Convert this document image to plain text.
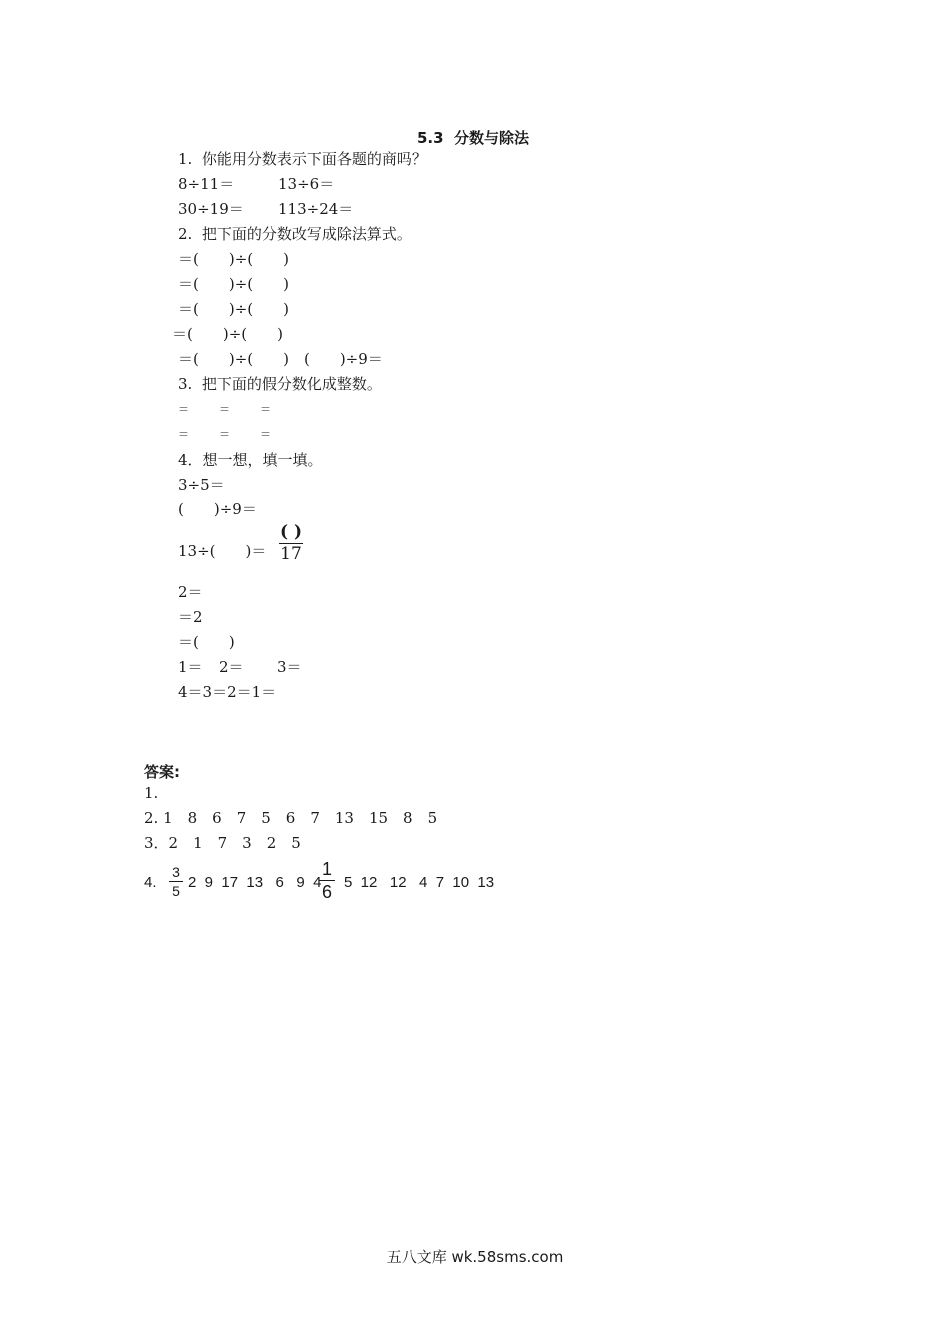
5.3  分数与除法
1.  你能用分数表示下面各题的商吗？
8÷11＝	13÷6＝
30÷19＝ 113÷24＝
2.  把下面的分数改写成除法算式。
＝(　　)÷(　　)
＝(　　)÷(　　)
＝(　　)÷(　　)
＝(　　)÷(　　)
＝(　　)÷(　　)　(　　)÷9＝
3.  把下面的假分数化成整数。
＝	＝	＝
＝	＝	＝
4．想一想，填一填。
3÷5＝
(　　)÷9＝
13÷(　　)＝
( )
17
2＝
＝2
＝(　　)
1＝ 2＝ 3＝
4＝3＝2＝1＝
答案:
1.
2. 1　8　6　7　5　6　7　13　15　8　5
3．2　1　7　3　2　5
4.
3
5 2  9  17  13   6   9  4
1
6 5  12   12   4  7  10  13
五八文库 wk.58sms.com
